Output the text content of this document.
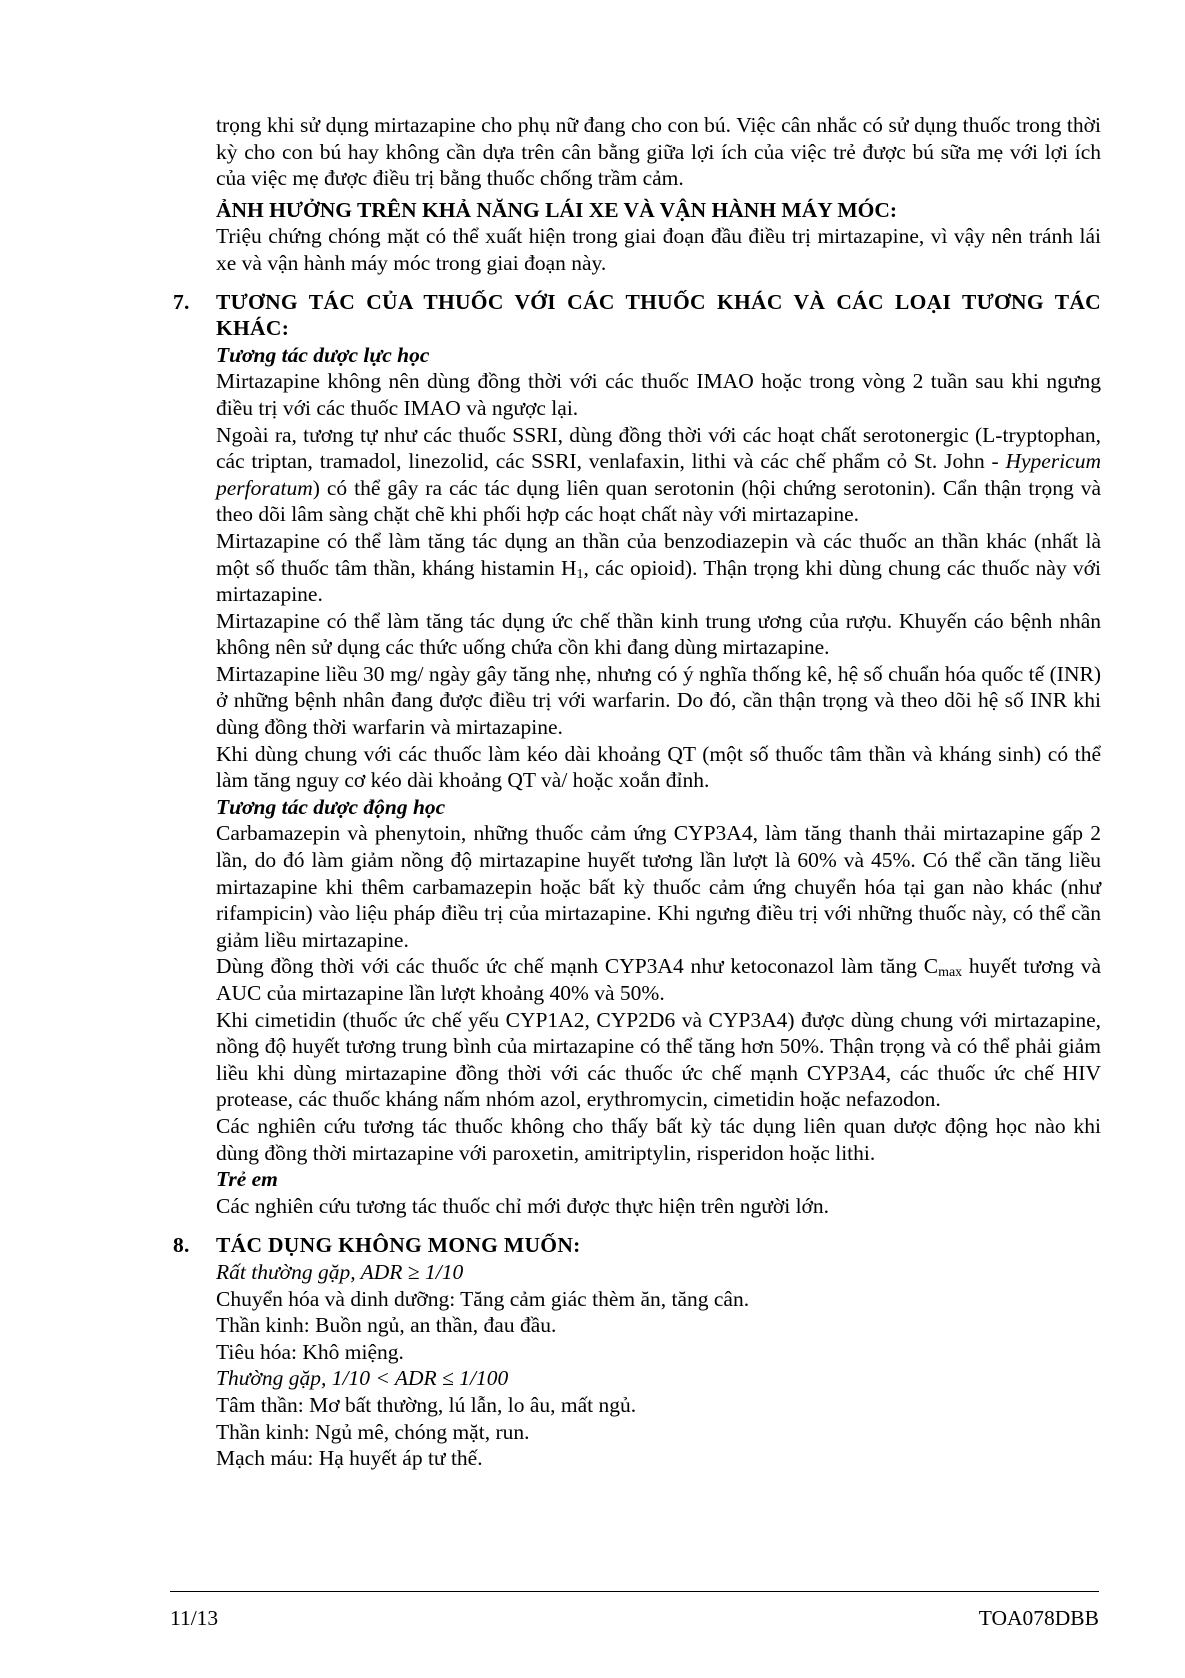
trọng khi sử dụng mirtazapine cho phụ nữ đang cho con bú. Việc cân nhắc có sử dụng thuốc trong thời kỳ cho con bú hay không cần dựa trên cân bằng giữa lợi ích của việc trẻ được bú sữa mẹ với lợi ích của việc mẹ được điều trị bằng thuốc chống trầm cảm.

ẢNH HƯỞNG TRÊN KHẢ NĂNG LÁI XE VÀ VẬN HÀNH MÁY MÓC:

Triệu chứng chóng mặt có thể xuất hiện trong giai đoạn đầu điều trị mirtazapine, vì vậy nên tránh lái xe và vận hành máy móc trong giai đoạn này.

7. TƯƠNG TÁC CỦA THUỐC VỚI CÁC THUỐC KHÁC VÀ CÁC LOẠI TƯƠNG TÁC KHÁC:

Tương tác dược lực học

Mirtazapine không nên dùng đồng thời với các thuốc IMAO hoặc trong vòng 2 tuần sau khi ngưng điều trị với các thuốc IMAO và ngược lại.

Ngoài ra, tương tự như các thuốc SSRI, dùng đồng thời với các hoạt chất serotonergic (L-tryptophan, các triptan, tramadol, linezolid, các SSRI, venlafaxin, lithi và các chế phẩm cỏ St. John - Hypericum perforatum) có thể gây ra các tác dụng liên quan serotonin (hội chứng serotonin). Cẩn thận trọng và theo dõi lâm sàng chặt chẽ khi phối hợp các hoạt chất này với mirtazapine.

Mirtazapine có thể làm tăng tác dụng an thần của benzodiazepin và các thuốc an thần khác (nhất là một số thuốc tâm thần, kháng histamin $H_1$, các opioid). Thận trọng khi dùng chung các thuốc này với mirtazapine.

Mirtazapine có thể làm tăng tác dụng ức chế thần kinh trung ương của rượu. Khuyến cáo bệnh nhân không nên sử dụng các thức uống chứa cồn khi đang dùng mirtazapine.

Mirtazapine liều 30 mg/ ngày gây tăng nhẹ, nhưng có ý nghĩa thống kê, hệ số chuẩn hóa quốc tế (INR) ở những bệnh nhân đang được điều trị với warfarin. Do đó, cần thận trọng và theo dõi hệ số INR khi dùng đồng thời warfarin và mirtazapine.

Khi dùng chung với các thuốc làm kéo dài khoảng QT (một số thuốc tâm thần và kháng sinh) có thể làm tăng nguy cơ kéo dài khoảng QT và/ hoặc xoắn đỉnh.

Tương tác dược động học

Carbamazepin và phenytoin, những thuốc cảm ứng CYP3A4, làm tăng thanh thải mirtazapine gấp 2 lần, do đó làm giảm nồng độ mirtazapine huyết tương lần lượt là 60% và 45%. Có thể cần tăng liều mirtazapine khi thêm carbamazepin hoặc bất kỳ thuốc cảm ứng chuyển hóa tại gan nào khác (như rifampicin) vào liệu pháp điều trị của mirtazapine. Khi ngưng điều trị với những thuốc này, có thể cần giảm liều mirtazapine.

Dùng đồng thời với các thuốc ức chế mạnh CYP3A4 như ketoconazol làm tăng $C_{max}$ huyết tương và AUC của mirtazapine lần lượt khoảng 40% và 50%.

Khi cimetidin (thuốc ức chế yếu CYP1A2, CYP2D6 và CYP3A4) được dùng chung với mirtazapine, nồng độ huyết tương trung bình của mirtazapine có thể tăng hơn 50%. Thận trọng và có thể phải giảm liều khi dùng mirtazapine đồng thời với các thuốc ức chế mạnh CYP3A4, các thuốc ức chế HIV protease, các thuốc kháng nấm nhóm azol, erythromycin, cimetidin hoặc nefazodon.

Các nghiên cứu tương tác thuốc không cho thấy bất kỳ tác dụng liên quan dược động học nào khi dùng đồng thời mirtazapine với paroxetin, amitriptylin, risperidon hoặc lithi.

Trẻ em

Các nghiên cứu tương tác thuốc chỉ mới được thực hiện trên người lớn.

8. TÁC DỤNG KHÔNG MONG MUỐN:

Rất thường gặp, ADR ≥ 1/10

Chuyển hóa và dinh dưỡng: Tăng cảm giác thèm ăn, tăng cân.

Thần kinh: Buồn ngủ, an thần, đau đầu.

Tiêu hóa: Khô miệng.

Thường gặp, 1/10 < ADR ≤ 1/100

Tâm thần: Mơ bất thường, lú lẫn, lo âu, mất ngủ.

Thần kinh: Ngủ mê, chóng mặt, run.

Mạch máu: Hạ huyết áp tư thế.

11/13	TOA078DBB
